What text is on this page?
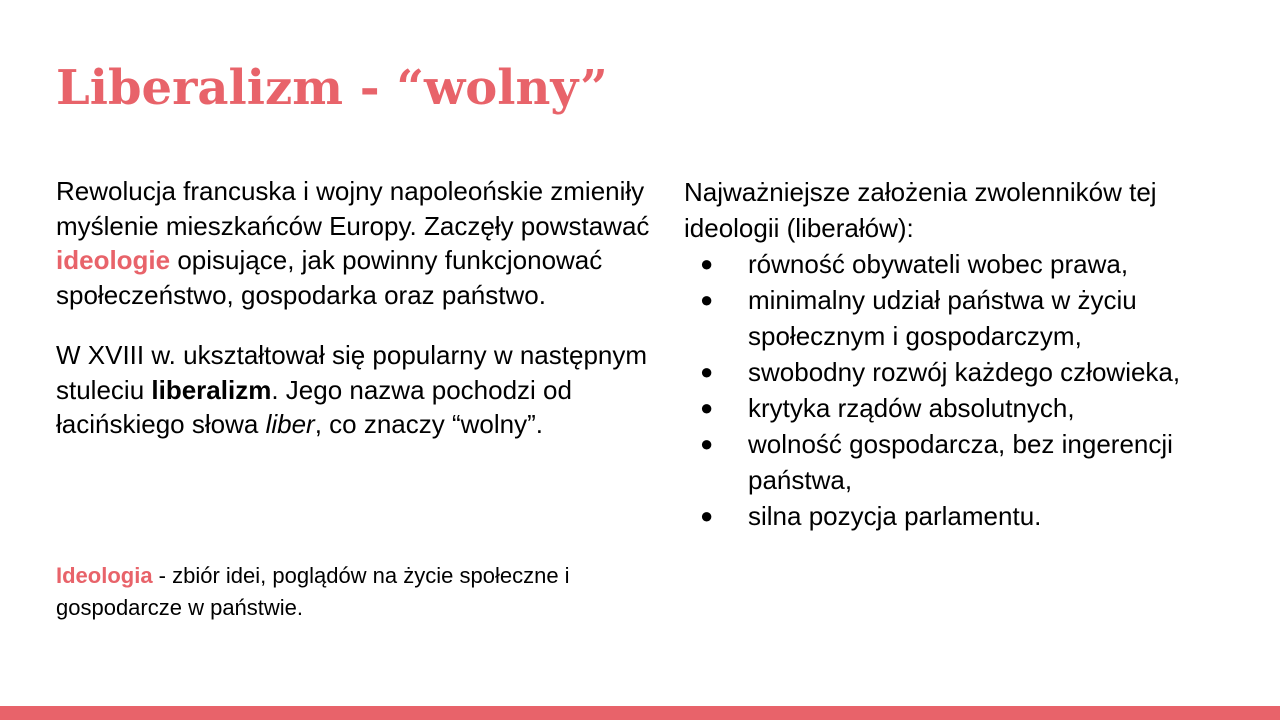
Liberalizm - “wolny”

Rewolucja francuska i wojny napoleońskie zmieniły myślenie mieszkańców Europy. Zaczęły powstawać ideologie opisujące, jak powinny funkcjonować społeczeństwo, gospodarka oraz państwo.

W XVIII w. ukształtował się popularny w następnym stuleciu liberalizm. Jego nazwa pochodzi od łacińskiego słowa liber, co znaczy “wolny”.

Ideologia - zbiór idei, poglądów na życie społeczne i gospodarcze w państwie.

Najważniejsze założenia zwolenników tej ideologii (liberałów):

● równość obywateli wobec prawa,
● minimalny udział państwa w życiu społecznym i gospodarczym,
● swobodny rozwój każdego człowieka,
● krytyka rządów absolutnych,
● wolność gospodarcza, bez ingerencji państwa,
● silna pozycja parlamentu.
